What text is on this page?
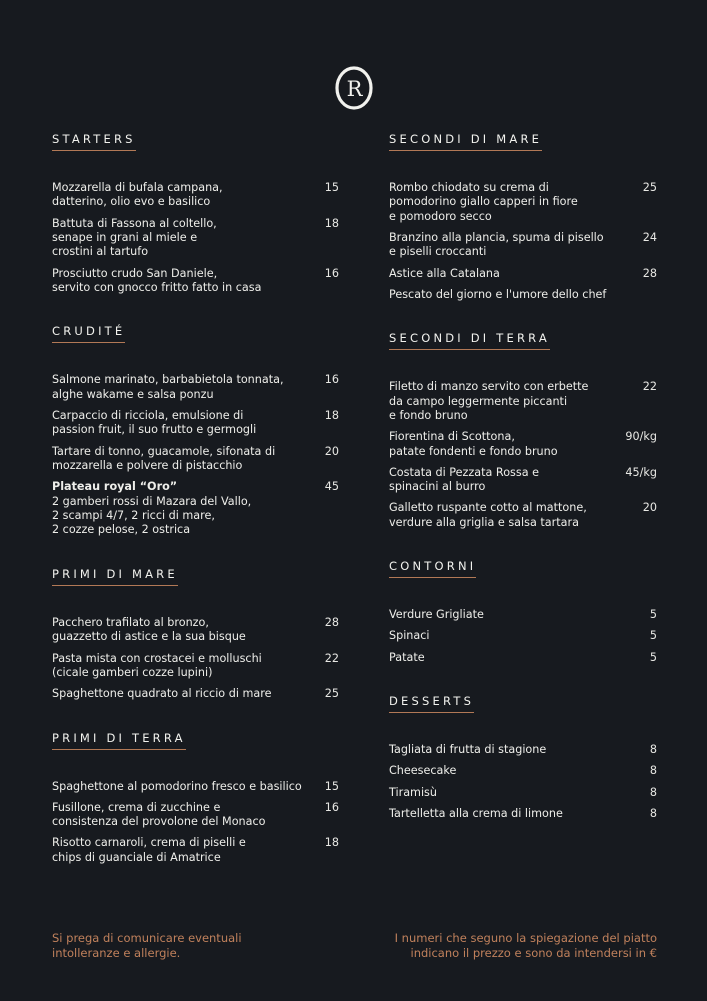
R
STARTERS
Mozzarella di bufala campana,
datterino, olio evo e basilico
15
Battuta di Fassona al coltello,
senape in grani al miele e
crostini al tartufo
18
Prosciutto crudo San Daniele,
servito con gnocco fritto fatto in casa
16
CRUDITÉ
Salmone marinato, barbabietola tonnata,
alghe wakame e salsa ponzu
16
Carpaccio di ricciola, emulsione di
passion fruit, il suo frutto e germogli
18
Tartare di tonno, guacamole, sifonata di
mozzarella e polvere di pistacchio
20
Plateau royal “Oro”
2 gamberi rossi di Mazara del Vallo,
2 scampi 4/7, 2 ricci di mare,
2 cozze pelose, 2 ostrica
45
PRIMI DI MARE
Pacchero trafilato al bronzo,
guazzetto di astice e la sua bisque
28
Pasta mista con crostacei e molluschi
(cicale gamberi cozze lupini)
22
Spaghettone quadrato al riccio di mare	25
PRIMI DI TERRA
Spaghettone al pomodorino fresco e basilico	15
Fusillone, crema di zucchine e
consistenza del provolone del Monaco
16
Risotto carnaroli, crema di piselli e
chips di guanciale di Amatrice
18
SECONDI DI MARE
Rombo chiodato su crema di
pomodorino giallo capperi in fiore
e pomodoro secco
25
Branzino alla plancia, spuma di pisello
e piselli croccanti
24
Astice alla Catalana	28
Pescato del giorno e l'umore dello chef
SECONDI DI TERRA
Filetto di manzo servito con erbette
da campo leggermente piccanti
e fondo bruno
22
Fiorentina di Scottona,
patate fondenti e fondo bruno
90/kg
Costata di Pezzata Rossa e
spinacini al burro
45/kg
Galletto ruspante cotto al mattone,
verdure alla griglia e salsa tartara
20
CONTORNI
Verdure Grigliate	5
Spinaci	5
Patate	5
DESSERTS
Tagliata di frutta di stagione	8
Cheesecake	8
Tiramisù	8
Tartelletta alla crema di limone	8
Si prega di comunicare eventuali
intolleranze e allergie.
I numeri che seguno la spiegazione del piatto
indicano il prezzo e sono da intendersi in €
